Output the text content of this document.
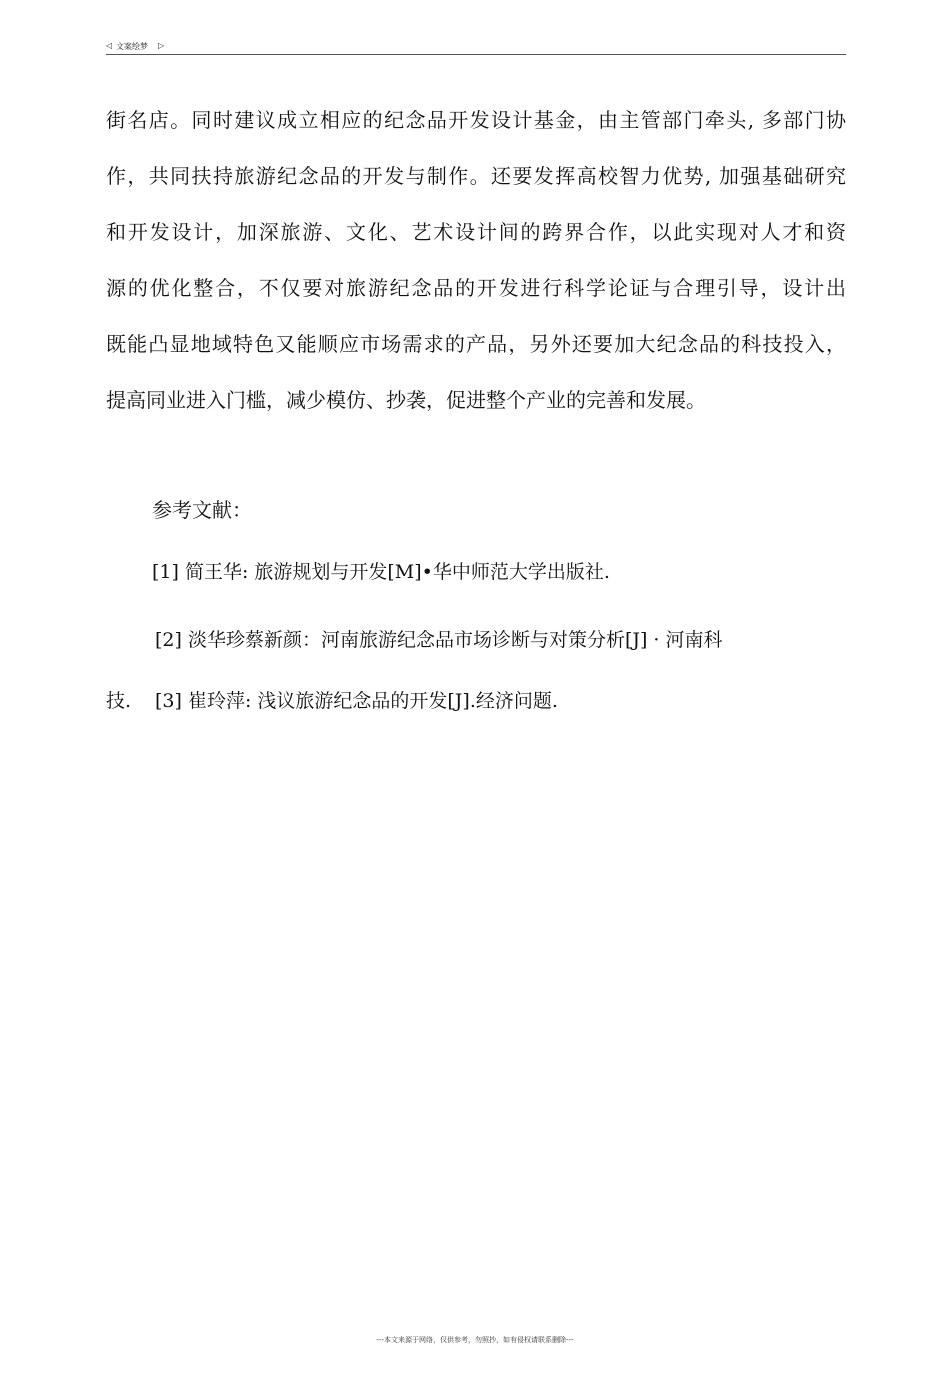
◁ 文案绘梦 ▷
街名店。同时建议成立相应的纪念品开发设计基金，由主管部门牵头, 多部门协
作，共同扶持旅游纪念品的开发与制作。还要发挥高校智力优势, 加强基础研究
和开发设计，加深旅游、文化、艺术设计间的跨界合作，以此实现对人才和资
源的优化整合，不仅要对旅游纪念品的开发进行科学论证与合理引导，设计出
既能凸显地域特色又能顺应市场需求的产品，另外还要加大纪念品的科技投入，
提高同业进入门槛，减少模仿、抄袭，促进整个产业的完善和发展。
参考文献：
[1] 简王华: 旅游规划与开发[M]•华中师范大学出版社.
[2] 淡华珍蔡新颜：河南旅游纪念品市场诊断与对策分析[J] · 河南科
技. [3] 崔玲萍: 浅议旅游纪念品的开发[J].经济问题.
---本文来源于网络，仅供参考，勿照抄，如有侵权请联系删除---
